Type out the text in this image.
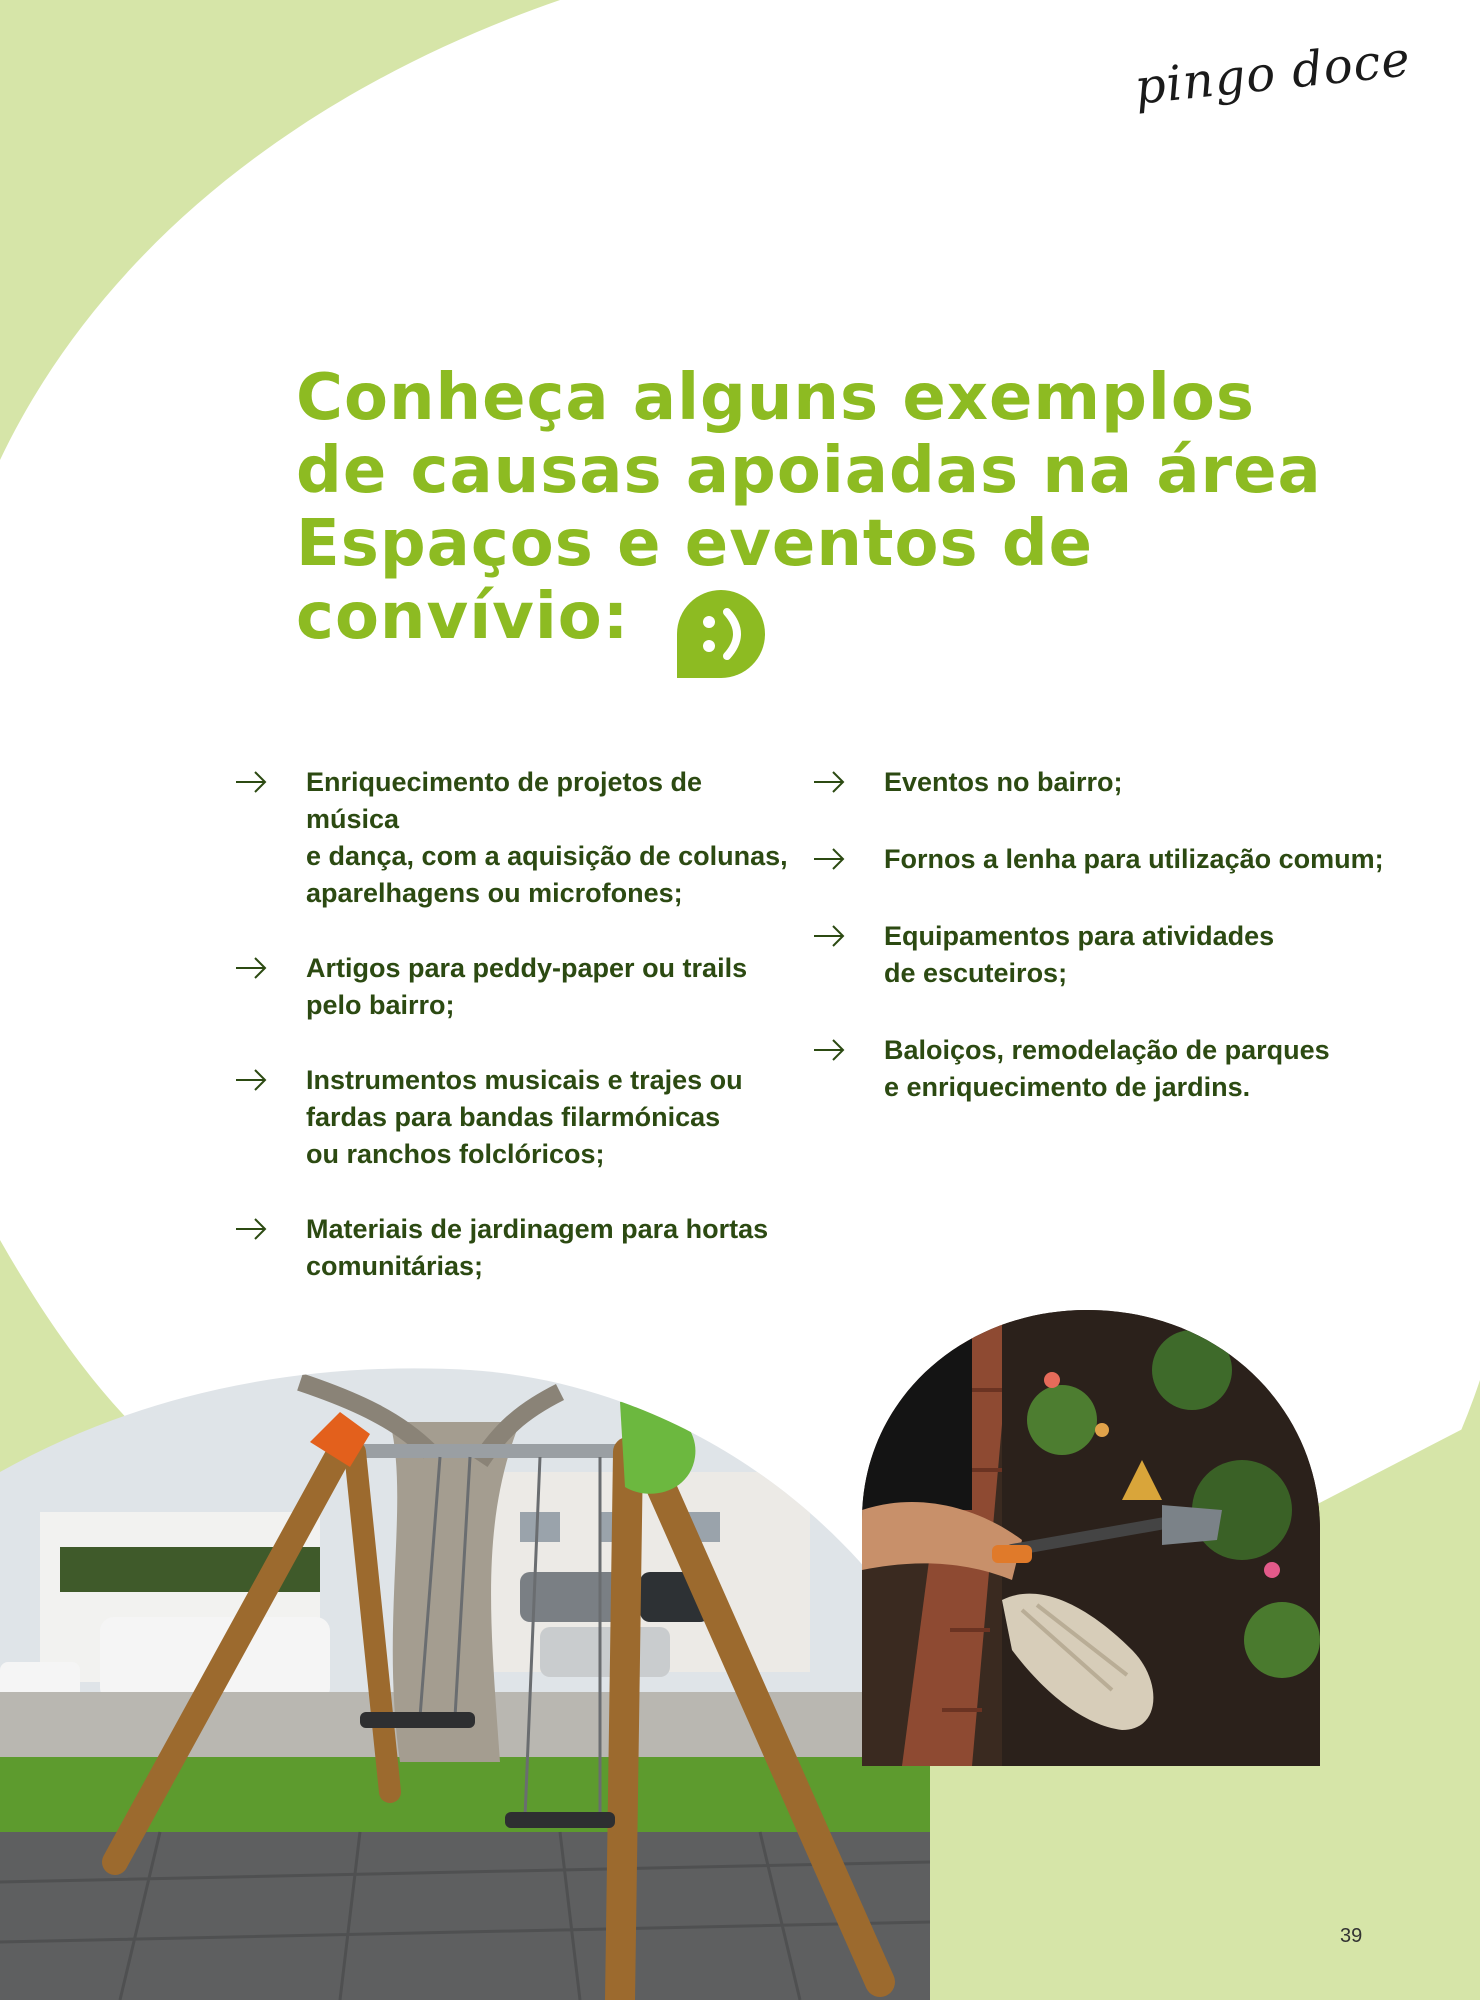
pingo doce
Conheça alguns exemplos
de causas apoiadas na área
Espaços e eventos de
convívio:
Enriquecimento de projetos de música
e dança, com a aquisição de colunas,
aparelhagens ou microfones;
Artigos para peddy-paper ou trails
pelo bairro;
Instrumentos musicais e trajes ou
fardas para bandas filarmónicas
ou ranchos folclóricos;
Materiais de jardinagem para hortas
comunitárias;
Eventos no bairro;
Fornos a lenha para utilização comum;
Equipamentos para atividades
de escuteiros;
Baloiços, remodelação de parques
e enriquecimento de jardins.
39
